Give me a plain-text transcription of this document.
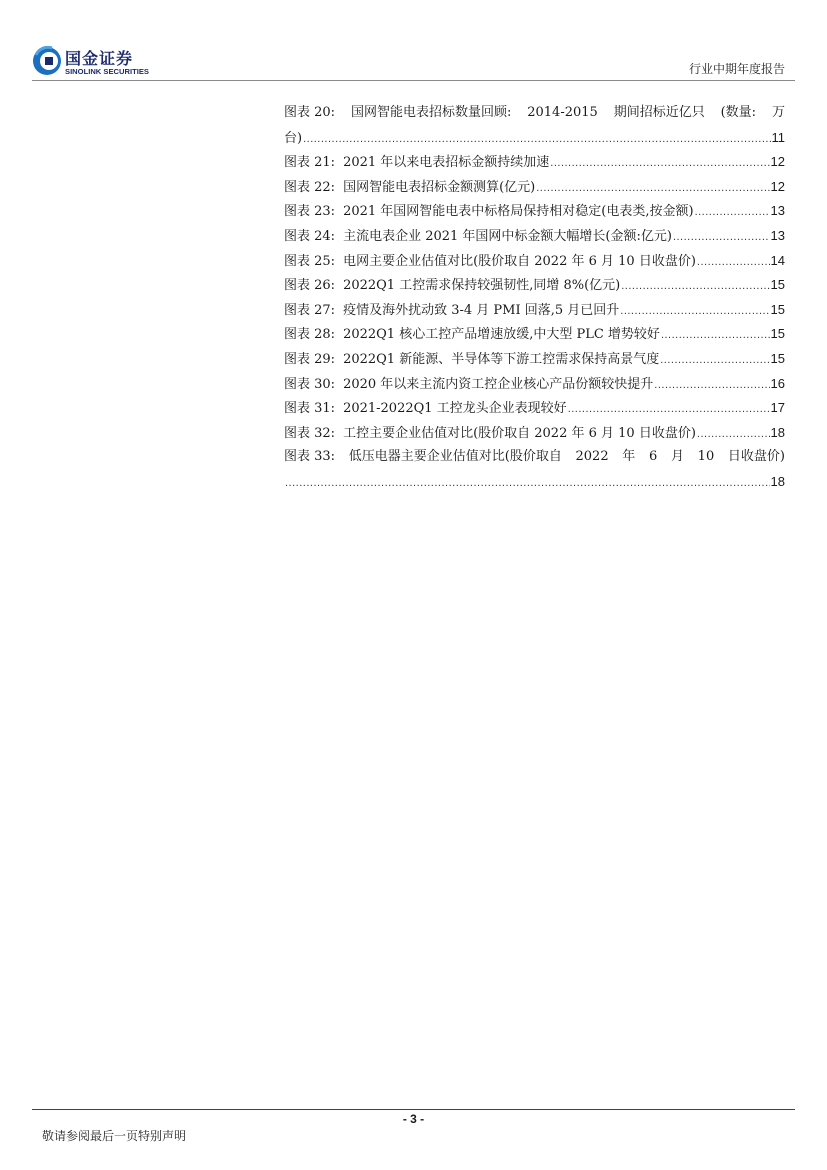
国金证券
SINOLINK SECURITIES	行业中期年度报告
图表 20: 国网智能电表招标数量回顾: 2014-2015 期间招标近亿只 (数量: 万
台) .....	11
图表 21: 2021 年以来电表招标金额持续加速 .....	12
图表 22: 国网智能电表招标金额测算(亿元) .....	12
图表 23: 2021 年国网智能电表中标格局保持相对稳定(电表类,按金额) .....	13
图表 24: 主流电表企业 2021 年国网中标金额大幅增长(金额:亿元) .....	13
图表 25: 电网主要企业估值对比(股价取自 2022 年 6 月 10 日收盘价) .....	14
图表 26: 2022Q1 工控需求保持较强韧性,同增 8%(亿元) .....	15
图表 27: 疫情及海外扰动致 3-4 月 PMI 回落,5 月已回升 .....	15
图表 28: 2022Q1 核心工控产品增速放缓,中大型 PLC 增势较好 .....	15
图表 29: 2022Q1 新能源、半导体等下游工控需求保持高景气度 .....	15
图表 30: 2020 年以来主流内资工控企业核心产品份额较快提升 .....	16
图表 31: 2021-2022Q1 工控龙头企业表现较好 .....	17
图表 32: 工控主要企业估值对比(股价取自 2022 年 6 月 10 日收盘价) .....	18
图表 33: 低压电器主要企业估值对比(股价取自 2022 年 6 月 10 日收盘价)
.....
18
- 3 -
敬请参阅最后一页特别声明
